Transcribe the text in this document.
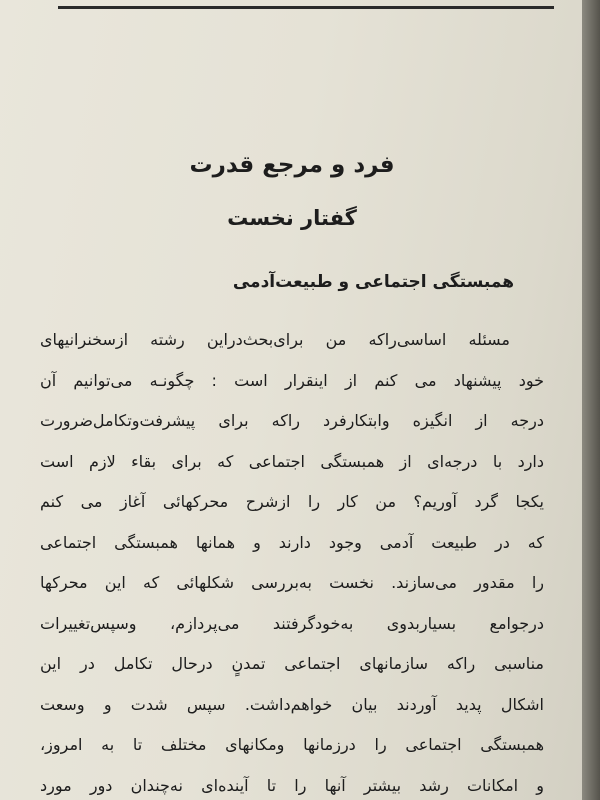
فرد و مرجع قدرت
گفتار نخست
همبستگی اجتماعی و طبیعت‌آدمی
مسئله اساسی‌راکه من برای‌بحث‌دراین رشته ازسخنرانیهای
خود پیشنهاد می کنم از اینقرار است : چگونـه می‌توانیم آن
درجه از انگیزه وابتکارفرد راکه برای پیشرفت‌وتکامل‌ضرورت
دارد با درجه‌ای از همبستگی اجتماعی که برای بقاء لازم است
یکجا گرد آوریم؟ من کار را ازشرح محرکهائی آغاز می کنم
که در طبیعت آدمی وجود دارند و همانها همبستگی اجتماعی
را مقدور می‌سازند. نخست به‌بررسی شکلهائی که این محرکها
درجوامع بسیاربدوی به‌خودگرفتند می‌پردازم، وسپس‌تغییرات
مناسبی راکه سازمانهای اجتماعی تمدنٍ درحال تکامل در این
اشکال پدید آوردند بیان خواهم‌داشت. سپس شدت و وسعت
همبستگی اجتماعی را درزمانها ومکانهای مختلف تا به امروز،
و امکانات رشد بیشتر آنها را تا آینده‌ای نه‌چندان دور مورد
